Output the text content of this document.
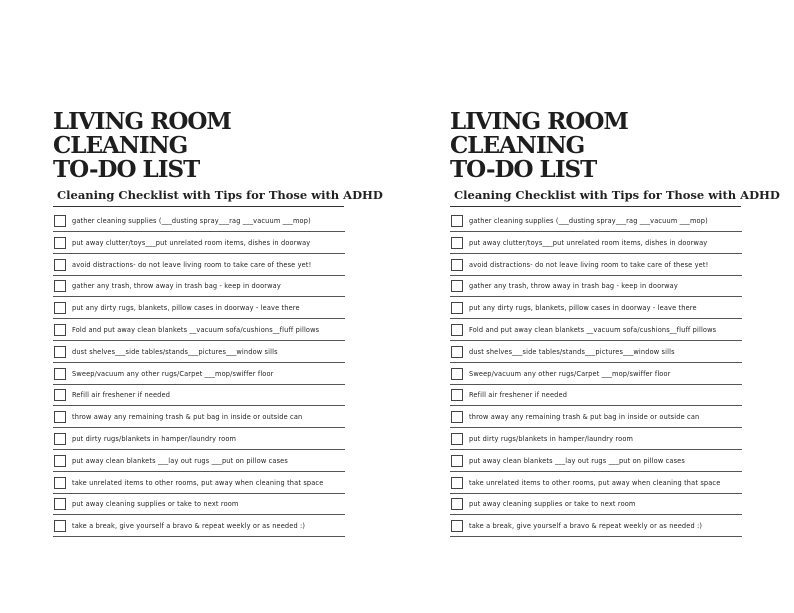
LIVING ROOM
CLEANING
TO-DO LIST
Cleaning Checklist with Tips for Those with ADHD
gather cleaning supplies (___dusting spray___rag ___vacuum ___mop)
put away clutter/toys___put unrelated room items, dishes in doorway
avoid distractions- do not leave living room to take care of these yet!
gather any trash, throw away in trash bag - keep in doorway
put any dirty rugs, blankets, pillow cases in doorway - leave there
Fold and put away clean blankets __vacuum sofa/cushions__fluff pillows
dust shelves___side tables/stands___pictures___window sills
Sweep/vacuum any other rugs/Carpet ___mop/swiffer floor
Refill air freshener if needed
throw away any remaining trash & put bag in inside or outside can
put dirty rugs/blankets in hamper/laundry room
put away clean blankets ___lay out rugs ___put on pillow cases
take unrelated items to other rooms, put away when cleaning that space
put away cleaning supplies or take to next room
take a break, give yourself a bravo & repeat weekly or as needed :)
LIVING ROOM
CLEANING
TO-DO LIST
Cleaning Checklist with Tips for Those with ADHD
gather cleaning supplies (___dusting spray___rag ___vacuum ___mop)
put away clutter/toys___put unrelated room items, dishes in doorway
avoid distractions- do not leave living room to take care of these yet!
gather any trash, throw away in trash bag - keep in doorway
put any dirty rugs, blankets, pillow cases in doorway - leave there
Fold and put away clean blankets __vacuum sofa/cushions__fluff pillows
dust shelves___side tables/stands___pictures___window sills
Sweep/vacuum any other rugs/Carpet ___mop/swiffer floor
Refill air freshener if needed
throw away any remaining trash & put bag in inside or outside can
put dirty rugs/blankets in hamper/laundry room
put away clean blankets ___lay out rugs ___put on pillow cases
take unrelated items to other rooms, put away when cleaning that space
put away cleaning supplies or take to next room
take a break, give yourself a bravo & repeat weekly or as needed :)
